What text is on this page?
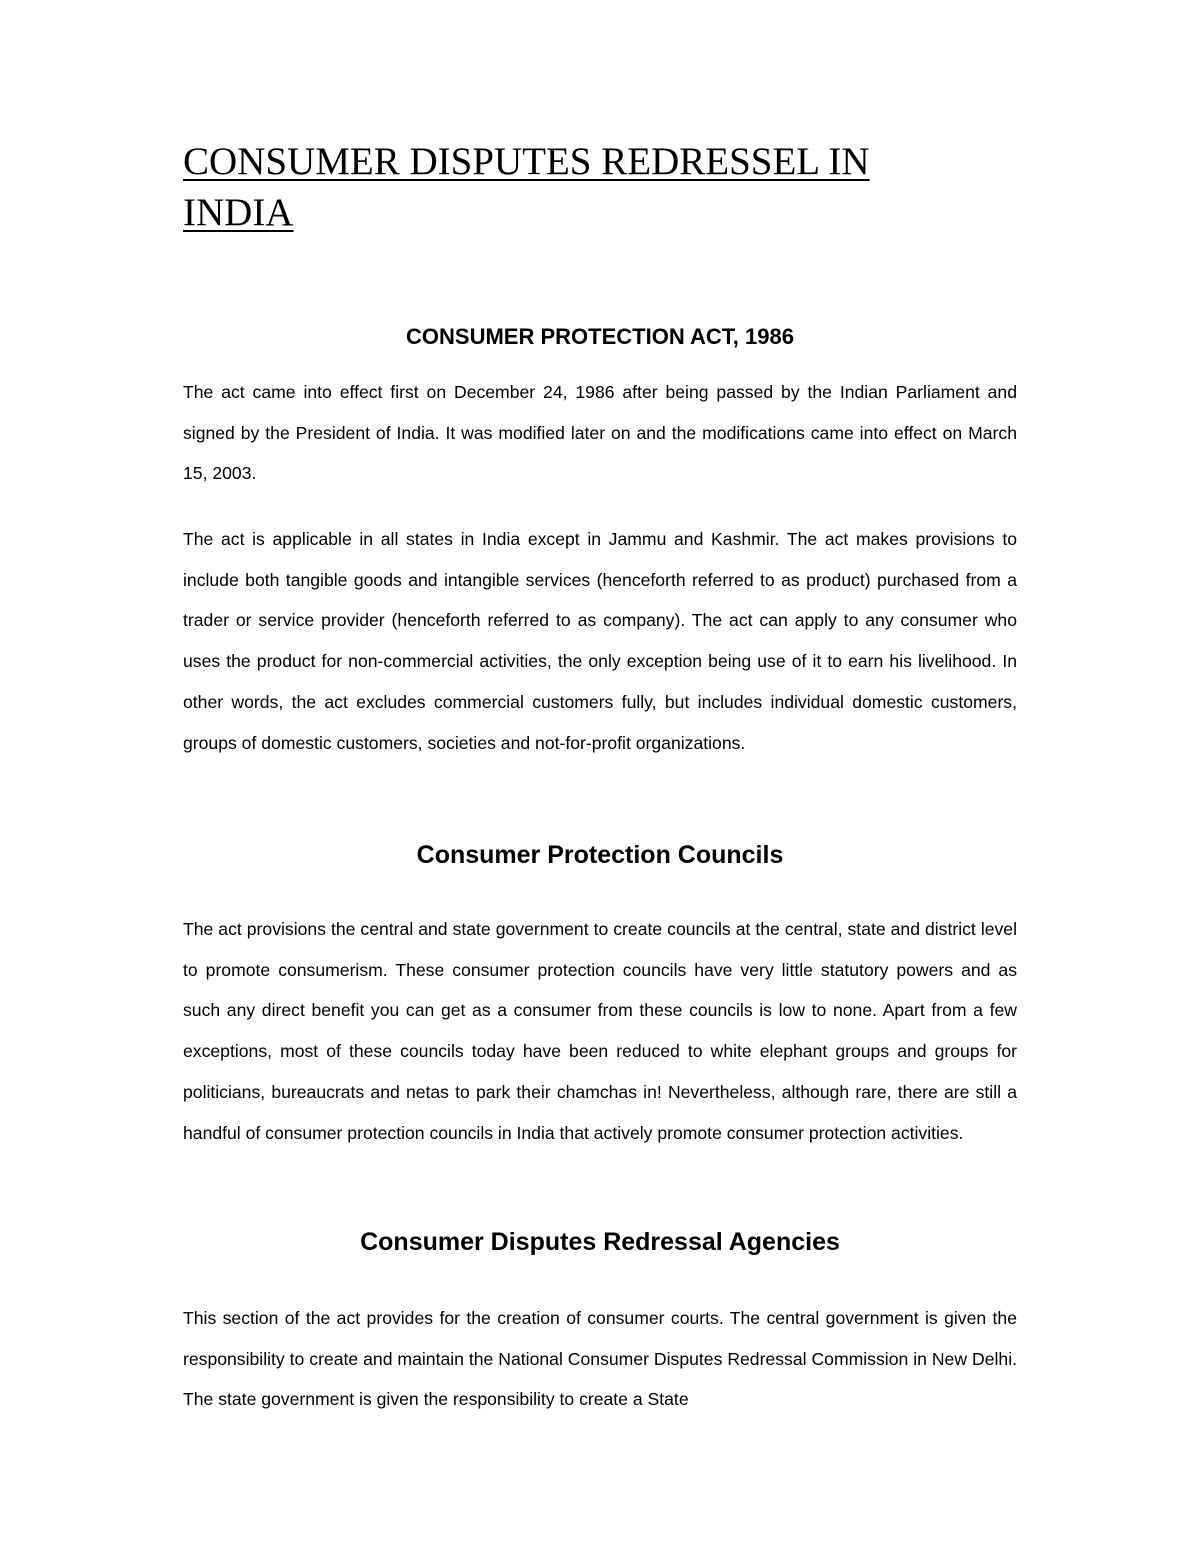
CONSUMER DISPUTES REDRESSEL IN INDIA
CONSUMER PROTECTION ACT, 1986

The act came into effect first on December 24, 1986 after being passed by the Indian Parliament and signed by the President of India. It was modified later on and the modifications came into effect on March 15, 2003.

The act is applicable in all states in India except in Jammu and Kashmir. The act makes provisions to include both tangible goods and intangible services (henceforth referred to as product) purchased from a trader or service provider (henceforth referred to as company). The act can apply to any consumer who uses the product for non-commercial activities, the only exception being use of it to earn his livelihood. In other words, the act excludes commercial customers fully, but includes individual domestic customers, groups of domestic customers, societies and not-for-profit organizations.

Consumer Protection Councils

The act provisions the central and state government to create councils at the central, state and district level to promote consumerism. These consumer protection councils have very little statutory powers and as such any direct benefit you can get as a consumer from these councils is low to none. Apart from a few exceptions, most of these councils today have been reduced to white elephant groups and groups for politicians, bureaucrats and netas to park their chamchas in! Nevertheless, although rare, there are still a handful of consumer protection councils in India that actively promote consumer protection activities.

Consumer Disputes Redressal Agencies

This section of the act provides for the creation of consumer courts. The central government is given the responsibility to create and maintain the National Consumer Disputes Redressal Commission in New Delhi. The state government is given the responsibility to create a State
